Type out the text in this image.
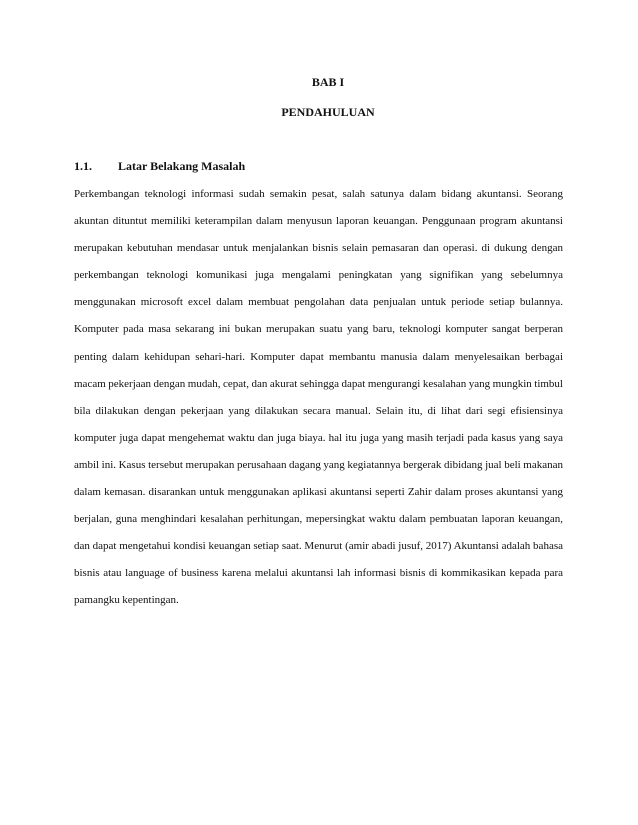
BAB I
PENDAHULUAN
1.1. Latar Belakang Masalah

Perkembangan teknologi informasi sudah semakin pesat, salah satunya dalam bidang akuntansi. Seorang akuntan dituntut memiliki keterampilan dalam menyusun laporan keuangan. Penggunaan program akuntansi merupakan kebutuhan mendasar untuk menjalankan bisnis selain pemasaran dan operasi. di dukung dengan perkembangan teknologi komunikasi juga mengalami peningkatan yang signifikan yang sebelumnya menggunakan microsoft excel dalam membuat pengolahan data penjualan untuk periode setiap bulannya. Komputer pada masa sekarang ini bukan merupakan suatu yang baru, teknologi komputer sangat berperan penting dalam kehidupan sehari-hari. Komputer dapat membantu manusia dalam menyelesaikan berbagai macam pekerjaan dengan mudah, cepat, dan akurat sehingga dapat mengurangi kesalahan yang mungkin timbul bila dilakukan dengan pekerjaan yang dilakukan secara manual. Selain itu, di lihat dari segi efisiensinya komputer juga dapat mengehemat waktu dan juga biaya. hal itu juga yang masih terjadi pada kasus yang saya ambil ini. Kasus tersebut merupakan perusahaan dagang yang kegiatannya bergerak dibidang jual beli makanan dalam kemasan. disarankan untuk menggunakan aplikasi akuntansi seperti Zahir dalam proses akuntansi yang berjalan, guna menghindari kesalahan perhitungan, mepersingkat waktu dalam pembuatan laporan keuangan, dan dapat mengetahui kondisi keuangan setiap saat. Menurut (amir abadi jusuf, 2017) Akuntansi adalah bahasa bisnis atau language of business karena melalui akuntansi lah informasi bisnis di kommikasikan kepada para pamangku kepentingan.
